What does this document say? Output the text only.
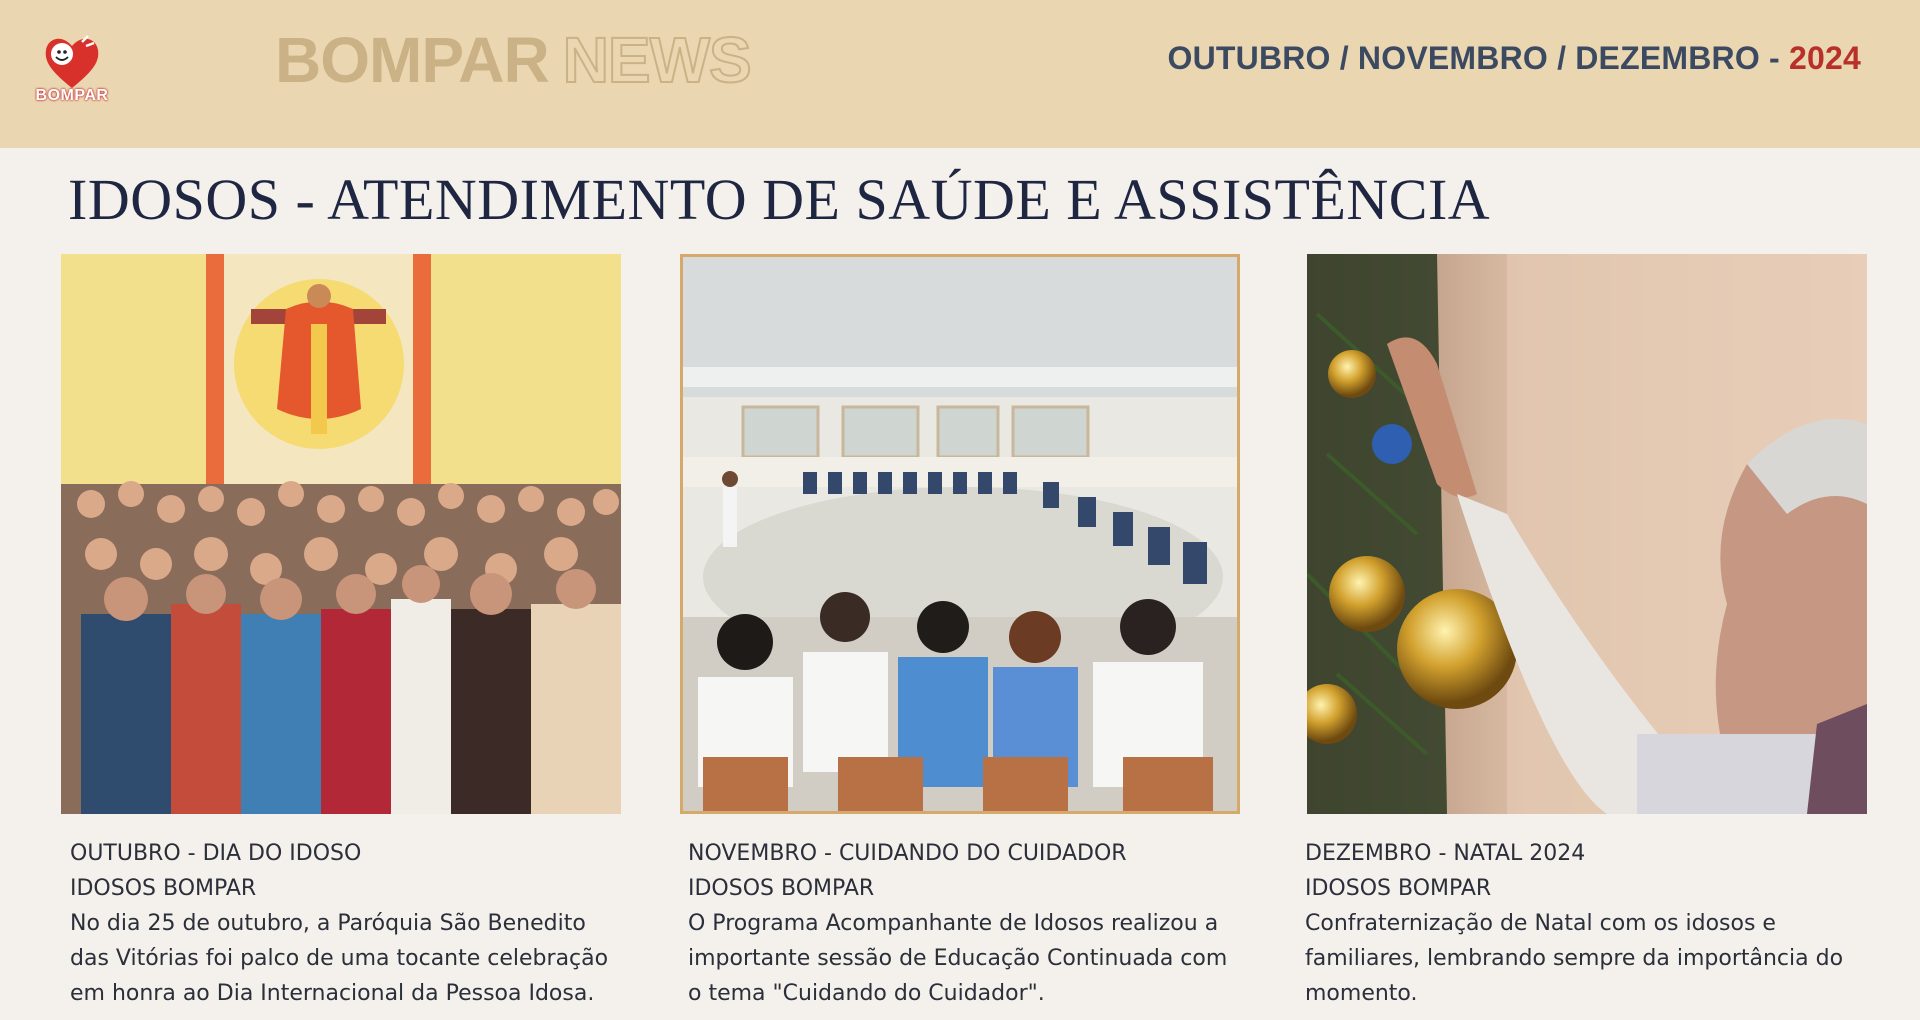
BOMPAR	BOMPAR NEWS	OUTUBRO / NOVEMBRO / DEZEMBRO - 2024
IDOSOS - ATENDIMENTO DE SAÚDE E ASSISTÊNCIA
OUTUBRO - DIA DO IDOSO
IDOSOS BOMPAR
No dia 25 de outubro, a Paróquia São Benedito
das Vitórias foi palco de uma tocante celebração
em honra ao Dia Internacional da Pessoa Idosa.
NOVEMBRO - CUIDANDO DO CUIDADOR
IDOSOS BOMPAR
O Programa Acompanhante de Idosos realizou a
importante sessão de Educação Continuada com
o tema "Cuidando do Cuidador".
DEZEMBRO - NATAL 2024
IDOSOS BOMPAR
Confraternização de Natal com os idosos e
familiares, lembrando sempre da importância do
momento.
